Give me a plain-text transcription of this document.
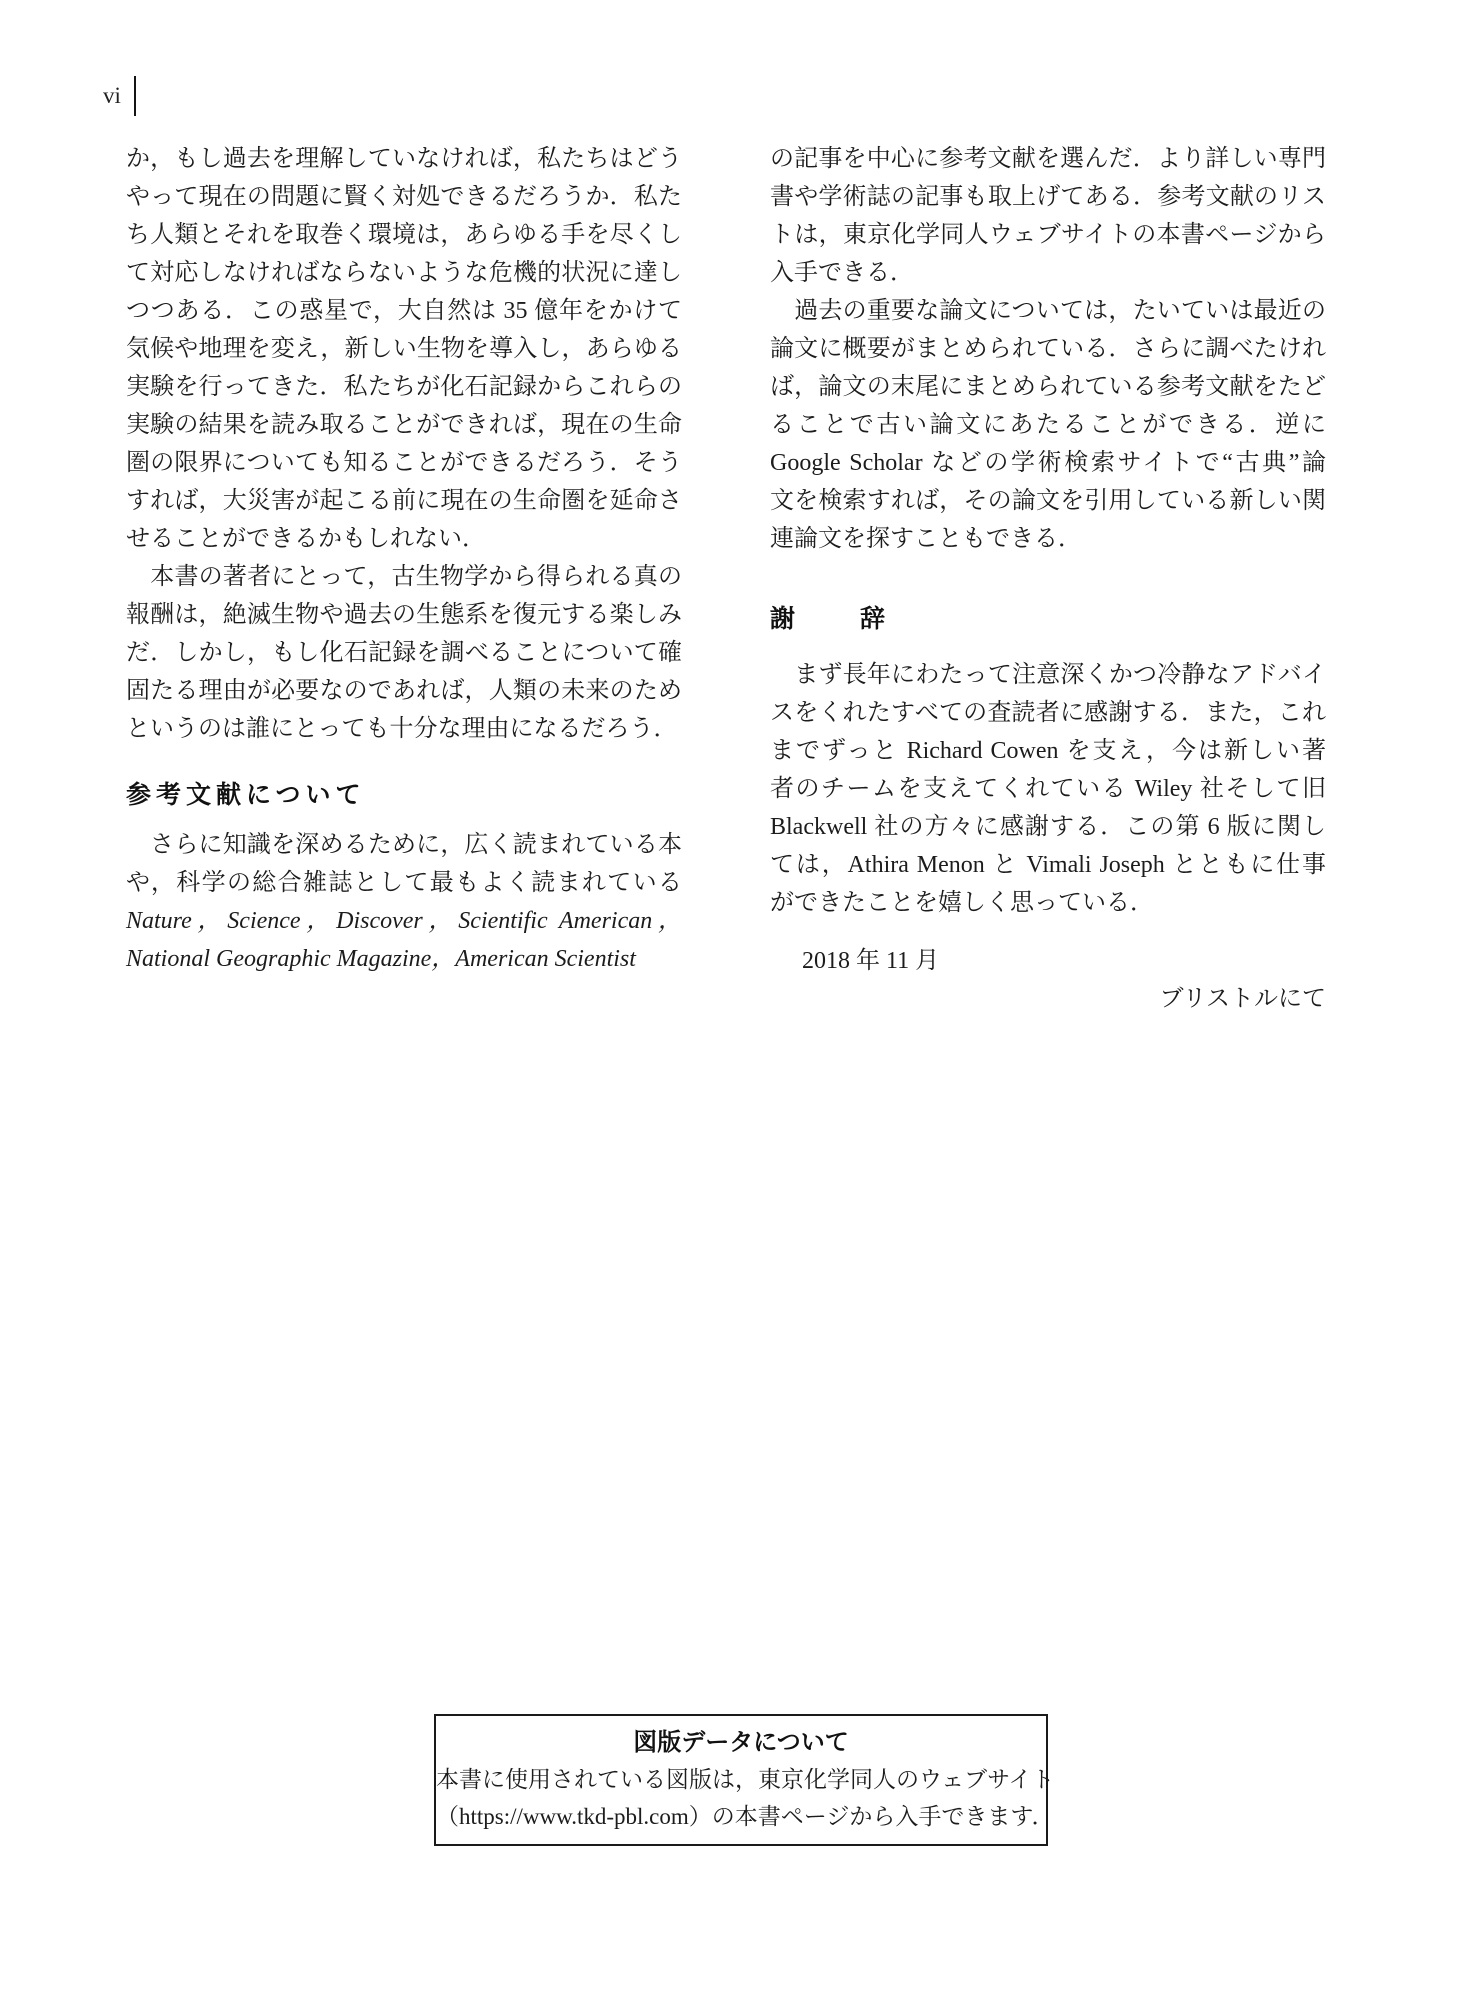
vi
か，もし過去を理解していなければ，私たちはどう
やって現在の問題に賢く対処できるだろうか．私た
ち人類とそれを取巻く環境は，あらゆる手を尽くし
て対応しなければならないような危機的状況に達し
つつある．この惑星で，大自然は 35 億年をかけて
気候や地理を変え，新しい生物を導入し，あらゆる
実験を行ってきた．私たちが化石記録からこれらの
実験の結果を読み取ることができれば，現在の生命
圏の限界についても知ることができるだろう．そう
すれば，大災害が起こる前に現在の生命圏を延命さ
せることができるかもしれない．
　本書の著者にとって，古生物学から得られる真の
報酬は，絶滅生物や過去の生態系を復元する楽しみ
だ．しかし，もし化石記録を調べることについて確
固たる理由が必要なのであれば，人類の未来のため
というのは誰にとっても十分な理由になるだろう．
参考文献について
　さらに知識を深めるために，広く読まれている本
や，科学の総合雑誌として最もよく読まれている
Nature，Science，Discover，Scientific American，
National Geographic Magazine，American Scientist
の記事を中心に参考文献を選んだ．より詳しい専門
書や学術誌の記事も取上げてある．参考文献のリス
トは，東京化学同人ウェブサイトの本書ページから
入手できる．
　過去の重要な論文については，たいていは最近の
論文に概要がまとめられている．さらに調べたけれ
ば，論文の末尾にまとめられている参考文献をたど
ることで古い論文にあたることができる．逆に
Google Scholar などの学術検索サイトで“古典”論
文を検索すれば，その論文を引用している新しい関
連論文を探すこともできる．
謝　　辞
　まず長年にわたって注意深くかつ冷静なアドバイ
スをくれたすべての査読者に感謝する．また，これ
までずっと Richard Cowen を支え，今は新しい著
者のチームを支えてくれている Wiley 社そして旧
Blackwell 社の方々に感謝する．この第 6 版に関し
ては，Athira Menon と Vimali Joseph とともに仕事
ができたことを嬉しく思っている．
2018 年 11 月
ブリストルにて
図版データについて
本書に使用されている図版は，東京化学同人のウェブサイト
（https://www.tkd-pbl.com）の本書ページから入手できます．
